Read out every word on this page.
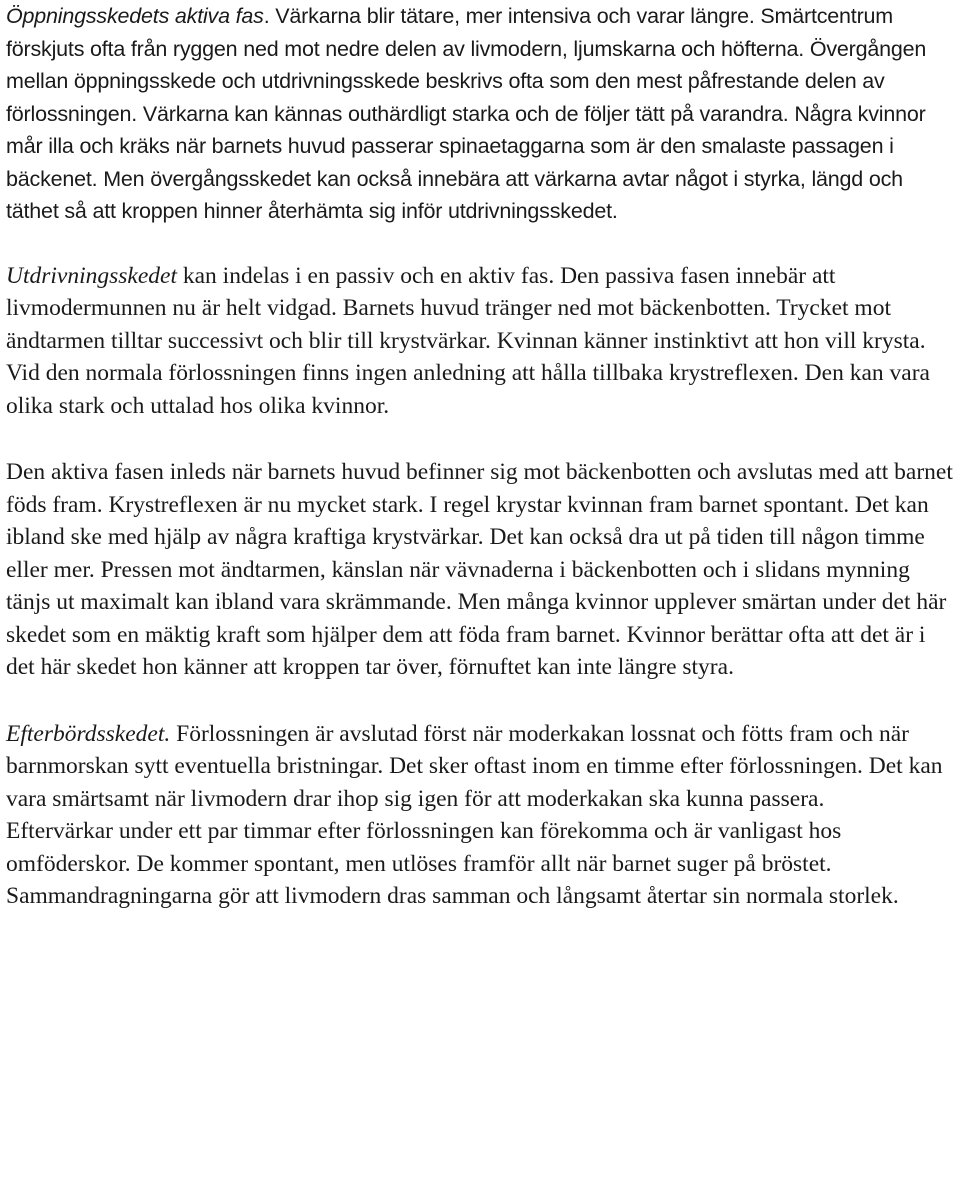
Öppningsskedets aktiva fas. Värkarna blir tätare, mer intensiva och varar längre. Smärtcentrum förskjuts ofta från ryggen ned mot nedre delen av livmodern, ljumskarna och höfterna. Övergången mellan öppningsskede och utdrivningsskede beskrivs ofta som den mest påfrestande delen av förlossningen. Värkarna kan kännas outhärdligt starka och de följer tätt på varandra. Några kvinnor mår illa och kräks när barnets huvud passerar spinaetaggarna som är den smalaste passagen i bäckenet. Men övergångsskedet kan också innebära att värkarna avtar något i styrka, längd och täthet så att kroppen hinner återhämta sig inför utdrivningsskedet.

Utdrivningsskedet kan indelas i en passiv och en aktiv fas. Den passiva fasen innebär att livmodermunnen nu är helt vidgad. Barnets huvud tränger ned mot bäckenbotten. Trycket mot ändtarmen tilltar successivt och blir till krystvärkar. Kvinnan känner instinktivt att hon vill krysta. Vid den normala förlossningen finns ingen anledning att hålla tillbaka krystreflexen. Den kan vara olika stark och uttalad hos olika kvinnor.

Den aktiva fasen inleds när barnets huvud befinner sig mot bäckenbotten och avslutas med att barnet föds fram. Krystreflexen är nu mycket stark. I regel krystar kvinnan fram barnet spontant. Det kan ibland ske med hjälp av några kraftiga krystvärkar. Det kan också dra ut på tiden till någon timme eller mer. Pressen mot ändtarmen, känslan när vävnaderna i bäckenbotten och i slidans mynning tänjs ut maximalt kan ibland vara skrämmande. Men många kvinnor upplever smärtan under det här skedet som en mäktig kraft som hjälper dem att föda fram barnet. Kvinnor berättar ofta att det är i det här skedet hon känner att kroppen tar över, förnuftet kan inte längre styra.

Efterbördsskedet. Förlossningen är avslutad först när moderkakan lossnat och fötts fram och när barnmorskan sytt eventuella bristningar. Det sker oftast inom en timme efter förlossningen. Det kan vara smärtsamt när livmodern drar ihop sig igen för att moderkakan ska kunna passera.

Eftervärkar under ett par timmar efter förlossningen kan förekomma och är vanligast hos omföderskor. De kommer spontant, men utlöses framför allt när barnet suger på bröstet. Sammandragningarna gör att livmodern dras samman och långsamt återtar sin normala storlek.
